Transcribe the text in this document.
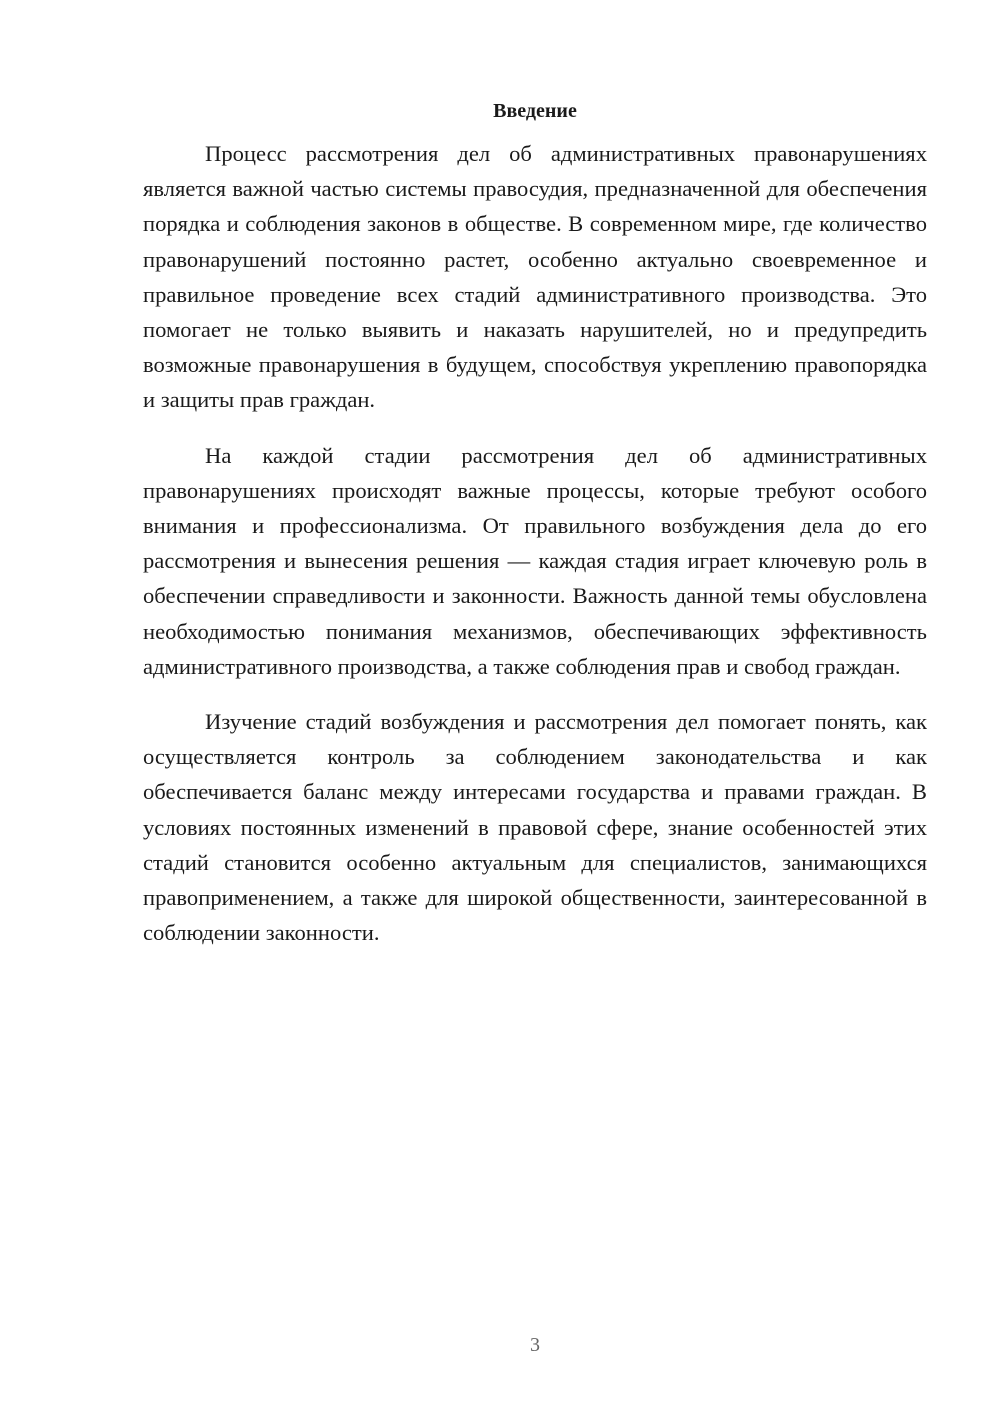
Введение

Процесс рассмотрения дел об административных правонарушениях является важной частью системы правосудия, предназначенной для обеспечения порядка и соблюдения законов в обществе. В современном мире, где количество правонарушений постоянно растет, особенно актуально своевременное и правильное проведение всех стадий административного производства. Это помогает не только выявить и наказать нарушителей, но и предупредить возможные правонарушения в будущем, способствуя укреплению правопорядка и защиты прав граждан.

На каждой стадии рассмотрения дел об административных правонарушениях происходят важные процессы, которые требуют особого внимания и профессионализма. От правильного возбуждения дела до его рассмотрения и вынесения решения — каждая стадия играет ключевую роль в обеспечении справедливости и законности. Важность данной темы обусловлена необходимостью понимания механизмов, обеспечивающих эффективность административного производства, а также соблюдения прав и свобод граждан.

Изучение стадий возбуждения и рассмотрения дел помогает понять, как осуществляется контроль за соблюдением законодательства и как обеспечивается баланс между интересами государства и правами граждан. В условиях постоянных изменений в правовой сфере, знание особенностей этих стадий становится особенно актуальным для специалистов, занимающихся правоприменением, а также для широкой общественности, заинтересованной в соблюдении законности.

3
